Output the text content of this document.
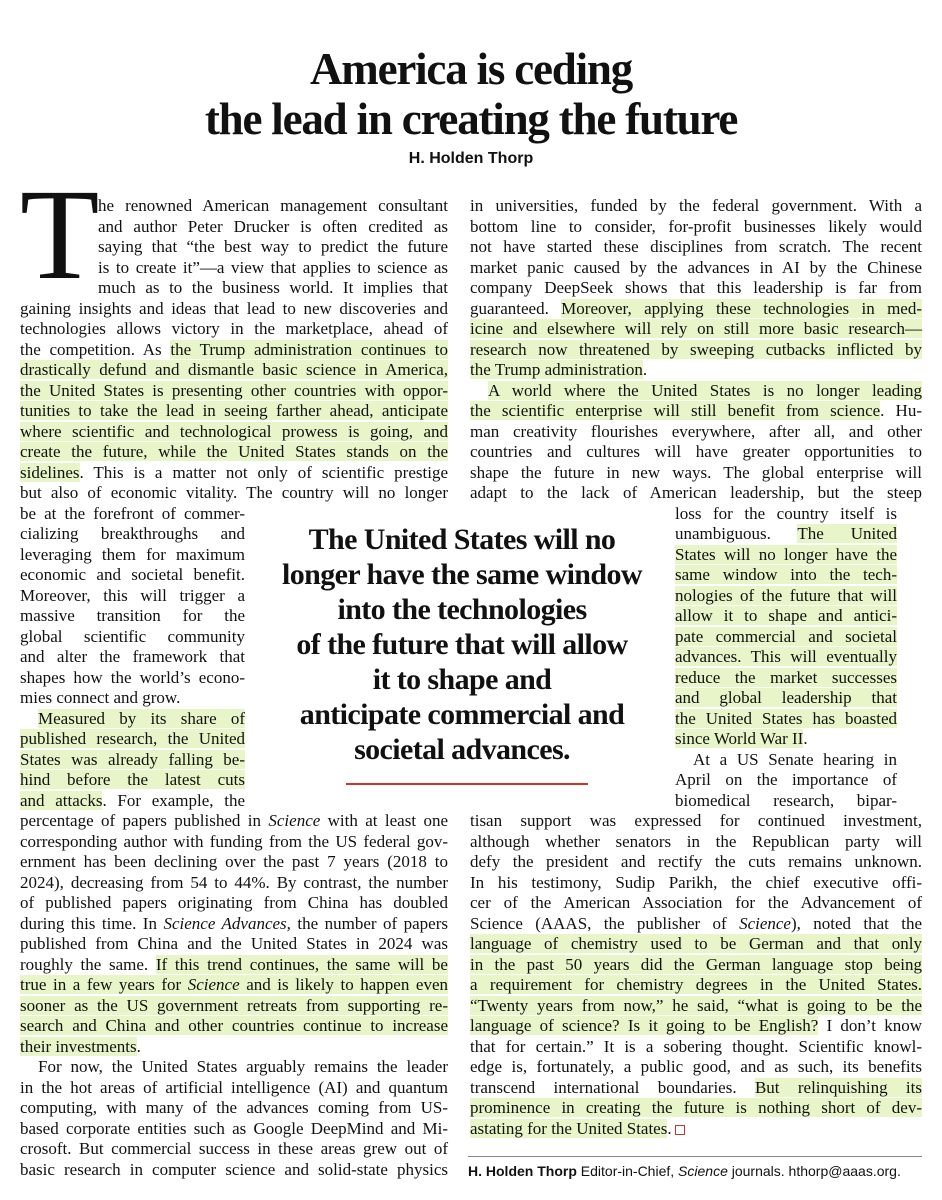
America is ceding
the lead in creating the future
H. Holden Thorp
T
he renowned American management consultant
and author Peter Drucker is often credited as
saying that “the best way to predict the future
is to create it”—a view that applies to science as
much as to the business world. It implies that
gaining insights and ideas that lead to new discoveries and
technologies allows victory in the marketplace, ahead of
the competition. As the Trump administration continues to
drastically defund and dismantle basic science in America,
the United States is presenting other countries with oppor-
tunities to take the lead in seeing farther ahead, anticipate
where scientific and technological prowess is going, and
create the future, while the United States stands on the
sidelines. This is a matter not only of scientific prestige
but also of economic vitality. The country will no longer
be at the forefront of commer-
cializing breakthroughs and
leveraging them for maximum
economic and societal benefit.
Moreover, this will trigger a
massive transition for the
global scientific community
and alter the framework that
shapes how the world’s econo-
mies connect and grow.
Measured by its share of
published research, the United
States was already falling be-
hind before the latest cuts
and attacks. For example, the
percentage of papers published in Science with at least one
corresponding author with funding from the US federal gov-
ernment has been declining over the past 7 years (2018 to
2024), decreasing from 54 to 44%. By contrast, the number
of published papers originating from China has doubled
during this time. In Science Advances, the number of papers
published from China and the United States in 2024 was
roughly the same. If this trend continues, the same will be
true in a few years for Science and is likely to happen even
sooner as the US government retreats from supporting re-
search and China and other countries continue to increase
their investments.
For now, the United States arguably remains the leader
in the hot areas of artificial intelligence (AI) and quantum
computing, with many of the advances coming from US-
based corporate entities such as Google DeepMind and Mi-
crosoft. But commercial success in these areas grew out of
basic research in computer science and solid-state physics
in universities, funded by the federal government. With a
bottom line to consider, for-profit businesses likely would
not have started these disciplines from scratch. The recent
market panic caused by the advances in AI by the Chinese
company DeepSeek shows that this leadership is far from
guaranteed. Moreover, applying these technologies in med-
icine and elsewhere will rely on still more basic research—
research now threatened by sweeping cutbacks inflicted by
the Trump administration.
A world where the United States is no longer leading
the scientific enterprise will still benefit from science. Hu-
man creativity flourishes everywhere, after all, and other
countries and cultures will have greater opportunities to
shape the future in new ways. The global enterprise will
adapt to the lack of American leadership, but the steep
loss for the country itself is
unambiguous. The United
States will no longer have the
same window into the tech-
nologies of the future that will
allow it to shape and antici-
pate commercial and societal
advances. This will eventually
reduce the market successes
and global leadership that
the United States has boasted
since World War II.
At a US Senate hearing in
April on the importance of
biomedical research, bipar-
tisan support was expressed for continued investment,
although whether senators in the Republican party will
defy the president and rectify the cuts remains unknown.
In his testimony, Sudip Parikh, the chief executive offi-
cer of the American Association for the Advancement of
Science (AAAS, the publisher of Science), noted that the
language of chemistry used to be German and that only
in the past 50 years did the German language stop being
a requirement for chemistry degrees in the United States.
“Twenty years from now,” he said, “what is going to be the
language of science? Is it going to be English? I don’t know
that for certain.” It is a sobering thought. Scientific knowl-
edge is, fortunately, a public good, and as such, its benefits
transcend international boundaries. But relinquishing its
prominence in creating the future is nothing short of dev-
astating for the United States.
The United States will no
longer have the same window
into the technologies
of the future that will allow
it to shape and
anticipate commercial and
societal advances.
H. Holden Thorp Editor-in-Chief, Science journals. hthorp@aaas.org.
